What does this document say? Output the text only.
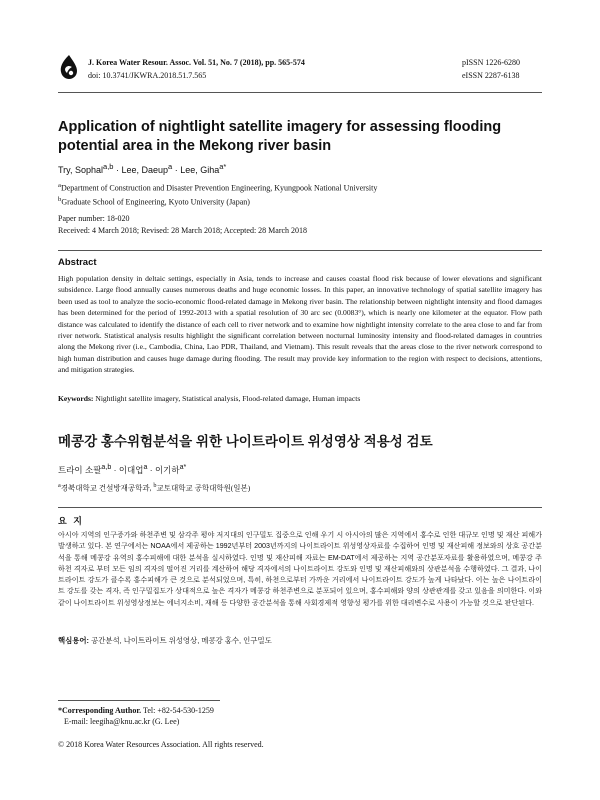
J. Korea Water Resour. Assoc. Vol. 51, No. 7 (2018), pp. 565-574
doi: 10.3741/JKWRA.2018.51.7.565
pISSN 1226-6280
eISSN 2287-6138
Application of nightlight satellite imagery for assessing flooding potential area in the Mekong river basin
Try, Sophal$^{a,b}$ · Lee, Daeup$^a$ · Lee, Giha$^{a*}$
$^a$Department of Construction and Disaster Prevention Engineering, Kyungpook National University
$^b$Graduate School of Engineering, Kyoto University (Japan)
Paper number: 18-020
Received: 4 March 2018; Revised: 28 March 2018; Accepted: 28 March 2018
Abstract

High population density in deltaic settings, especially in Asia, tends to increase and causes coastal flood risk because of lower elevations and significant subsidence. Large flood annually causes numerous deaths and huge economic losses. In this paper, an innovative technology of spatial satellite imagery has been used as tool to analyze the socio-economic flood-related damage in Mekong river basin. The relationship between nightlight intensity and flood damages has been determined for the period of 1992-2013 with a spatial resolution of 30 arc sec (0.0083°), which is nearly one kilometer at the equator. Flow path distance was calculated to identify the distance of each cell to river network and to examine how nightlight intensity correlate to the area close to and far from river network. Statistical analysis results highlight the significant correlation between nocturnal luminosity intensity and flood-related damages in countries along the Mekong river (i.e., Cambodia, China, Lao PDR, Thailand, and Vietnam). This result reveals that the areas close to the river network correspond to high human distribution and causes huge damage during flooding. The result may provide key information to the region with respect to decisions, attentions, and mitigation strategies.

Keywords: Nightlight satellite imagery, Statistical analysis, Flood-related damage, Human impacts
메콩강 홍수위험분석을 위한 나이트라이트 위성영상 적용성 검토
트라이 소팔$^{a,b}$ · 이대업$^a$ · 이기하$^{a*}$
$^a$경북대학교 건설방재공학과, $^b$교토대학교 공학대학원(일본)
요 지

아시아 지역의 인구증가와 하천주변 및 삼각주 평야 저지대의 인구밀도 집중으로 인해 우기 시 아시아의 많은 지역에서 홍수로 인한 대규모 인명 및 재산 피해가 발생하고 있다. 본 연구에서는 NOAA에서 제공하는 1992년부터 2003년까지의 나이트라이트 위성영상자료를 수집하여 인명 및 재산피해 정보와의 상호 공간분석을 통해 메콩강 유역의 홍수피해에 대한 분석을 실시하였다. 인명 및 재산피해 자료는 EM-DAT에서 제공하는 지역 공간분포자료를 활용하였으며, 메콩강 주하천 격자로 부터 모든 임의 격자의 떨어진 거리를 계산하여 해당 격자에서의 나이트라이트 강도와 인명 및 재산피해와의 상관분석을 수행하였다. 그 결과, 나이트라이트 강도가 클수록 홍수피해가 큰 것으로 분석되었으며, 특히, 하천으로부터 가까운 거리에서 나이트라이트 강도가 높게 나타났다. 이는 높은 나이트라이트 강도를 갖는 격자, 즉 인구밀집도가 상대적으로 높은 격자가 메콩강 하천주변으로 분포되어 있으며, 홍수피해와 양의 상관관계를 갖고 있음을 의미한다. 이와 같이 나이트라이트 위성영상정보는 에너지소비, 재해 등 다양한 공간분석을 통해 사회경제적 영향성 평가를 위한 대리변수로 사용이 가능할 것으로 판단된다.

핵심용어: 공간분석, 나이트라이트 위성영상, 메콩강 홍수, 인구밀도
*Corresponding Author. Tel: +82-54-530-1259
E-mail: leegiha@knu.ac.kr (G. Lee)
© 2018 Korea Water Resources Association. All rights reserved.
